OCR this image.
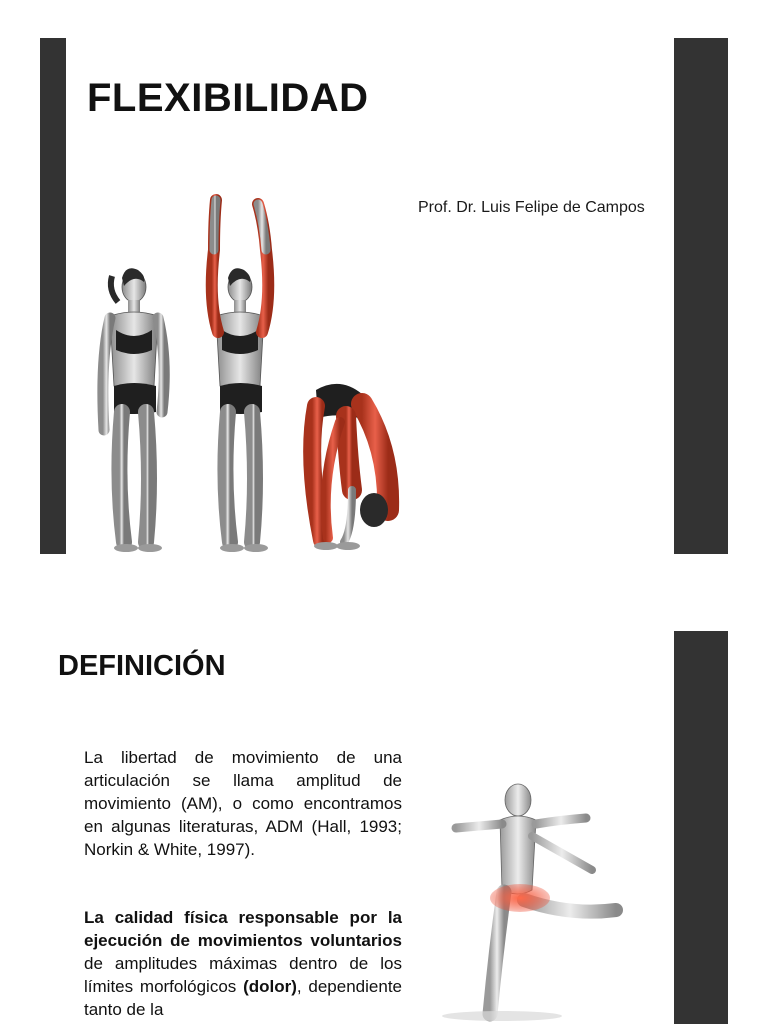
FLEXIBILIDAD

Prof. Dr. Luis Felipe de Campos

DEFINICIÓN

La libertad de movimiento de una articulación se llama amplitud de movimiento (AM), o como encontramos en algunas literaturas, ADM (Hall, 1993; Norkin & White, 1997).

La calidad física responsable por la ejecución de movimientos voluntarios de amplitudes máximas dentro de los límites morfológicos (dolor), dependiente tanto de la
